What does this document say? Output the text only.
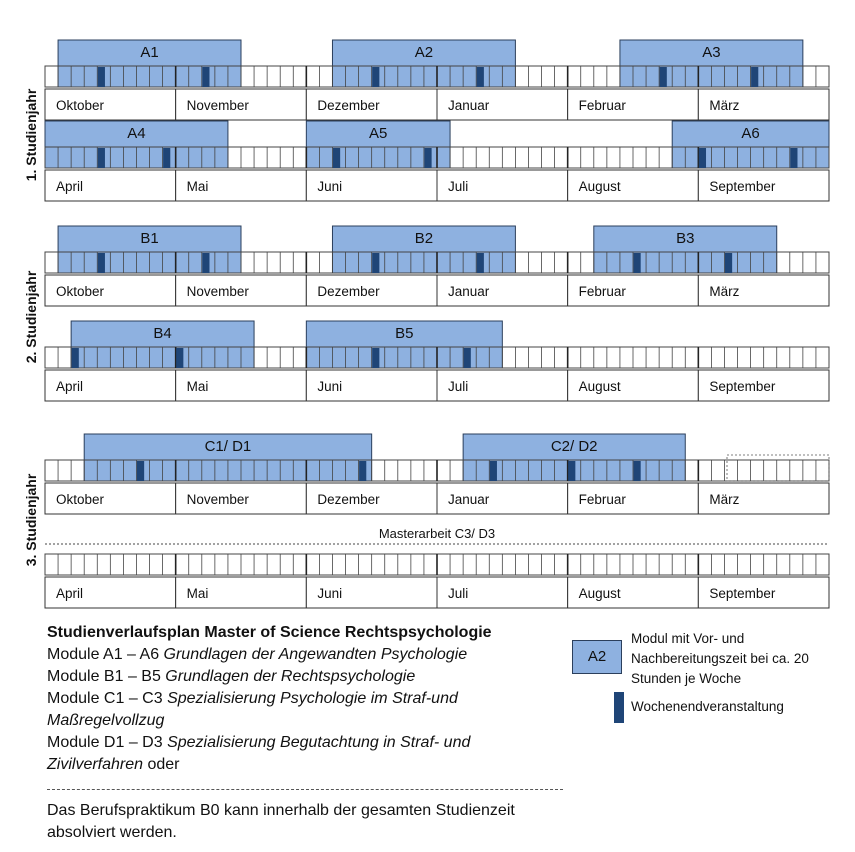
1. Studienjahr
A1	A2	A3
Oktober	November	Dezember	Januar	Februar	März
A4	A5	A6
April	Mai	Juni	Juli	August	September
2. Studienjahr
B1	B2	B3
Oktober	November	Dezember	Januar	Februar	März
B4	B5
April	Mai	Juni	Juli	August	September
3. Studienjahr
C1/ D1	C2/ D2
Oktober	November	Dezember	Januar	Februar	März
Masterarbeit C3/ D3
April	Mai	Juni	Juli	August	September
Studienverlaufsplan Master of Science Rechtspsychologie
Module A1 – A6 Grundlagen der Angewandten Psychologie
Module B1 – B5 Grundlagen der Rechtspsychologie
Module C1 – C3 Spezialisierung Psychologie im Straf-und
Maßregelvollzug
Module D1 – D3 Spezialisierung Begutachtung in Straf- und
Zivilverfahren oder
Das Berufspraktikum B0 kann innerhalb der gesamten Studienzeit
absolviert werden.
A2
Modul mit Vor- und
Nachbereitungszeit bei ca. 20
Stunden je Woche
Wochenendveranstaltung
